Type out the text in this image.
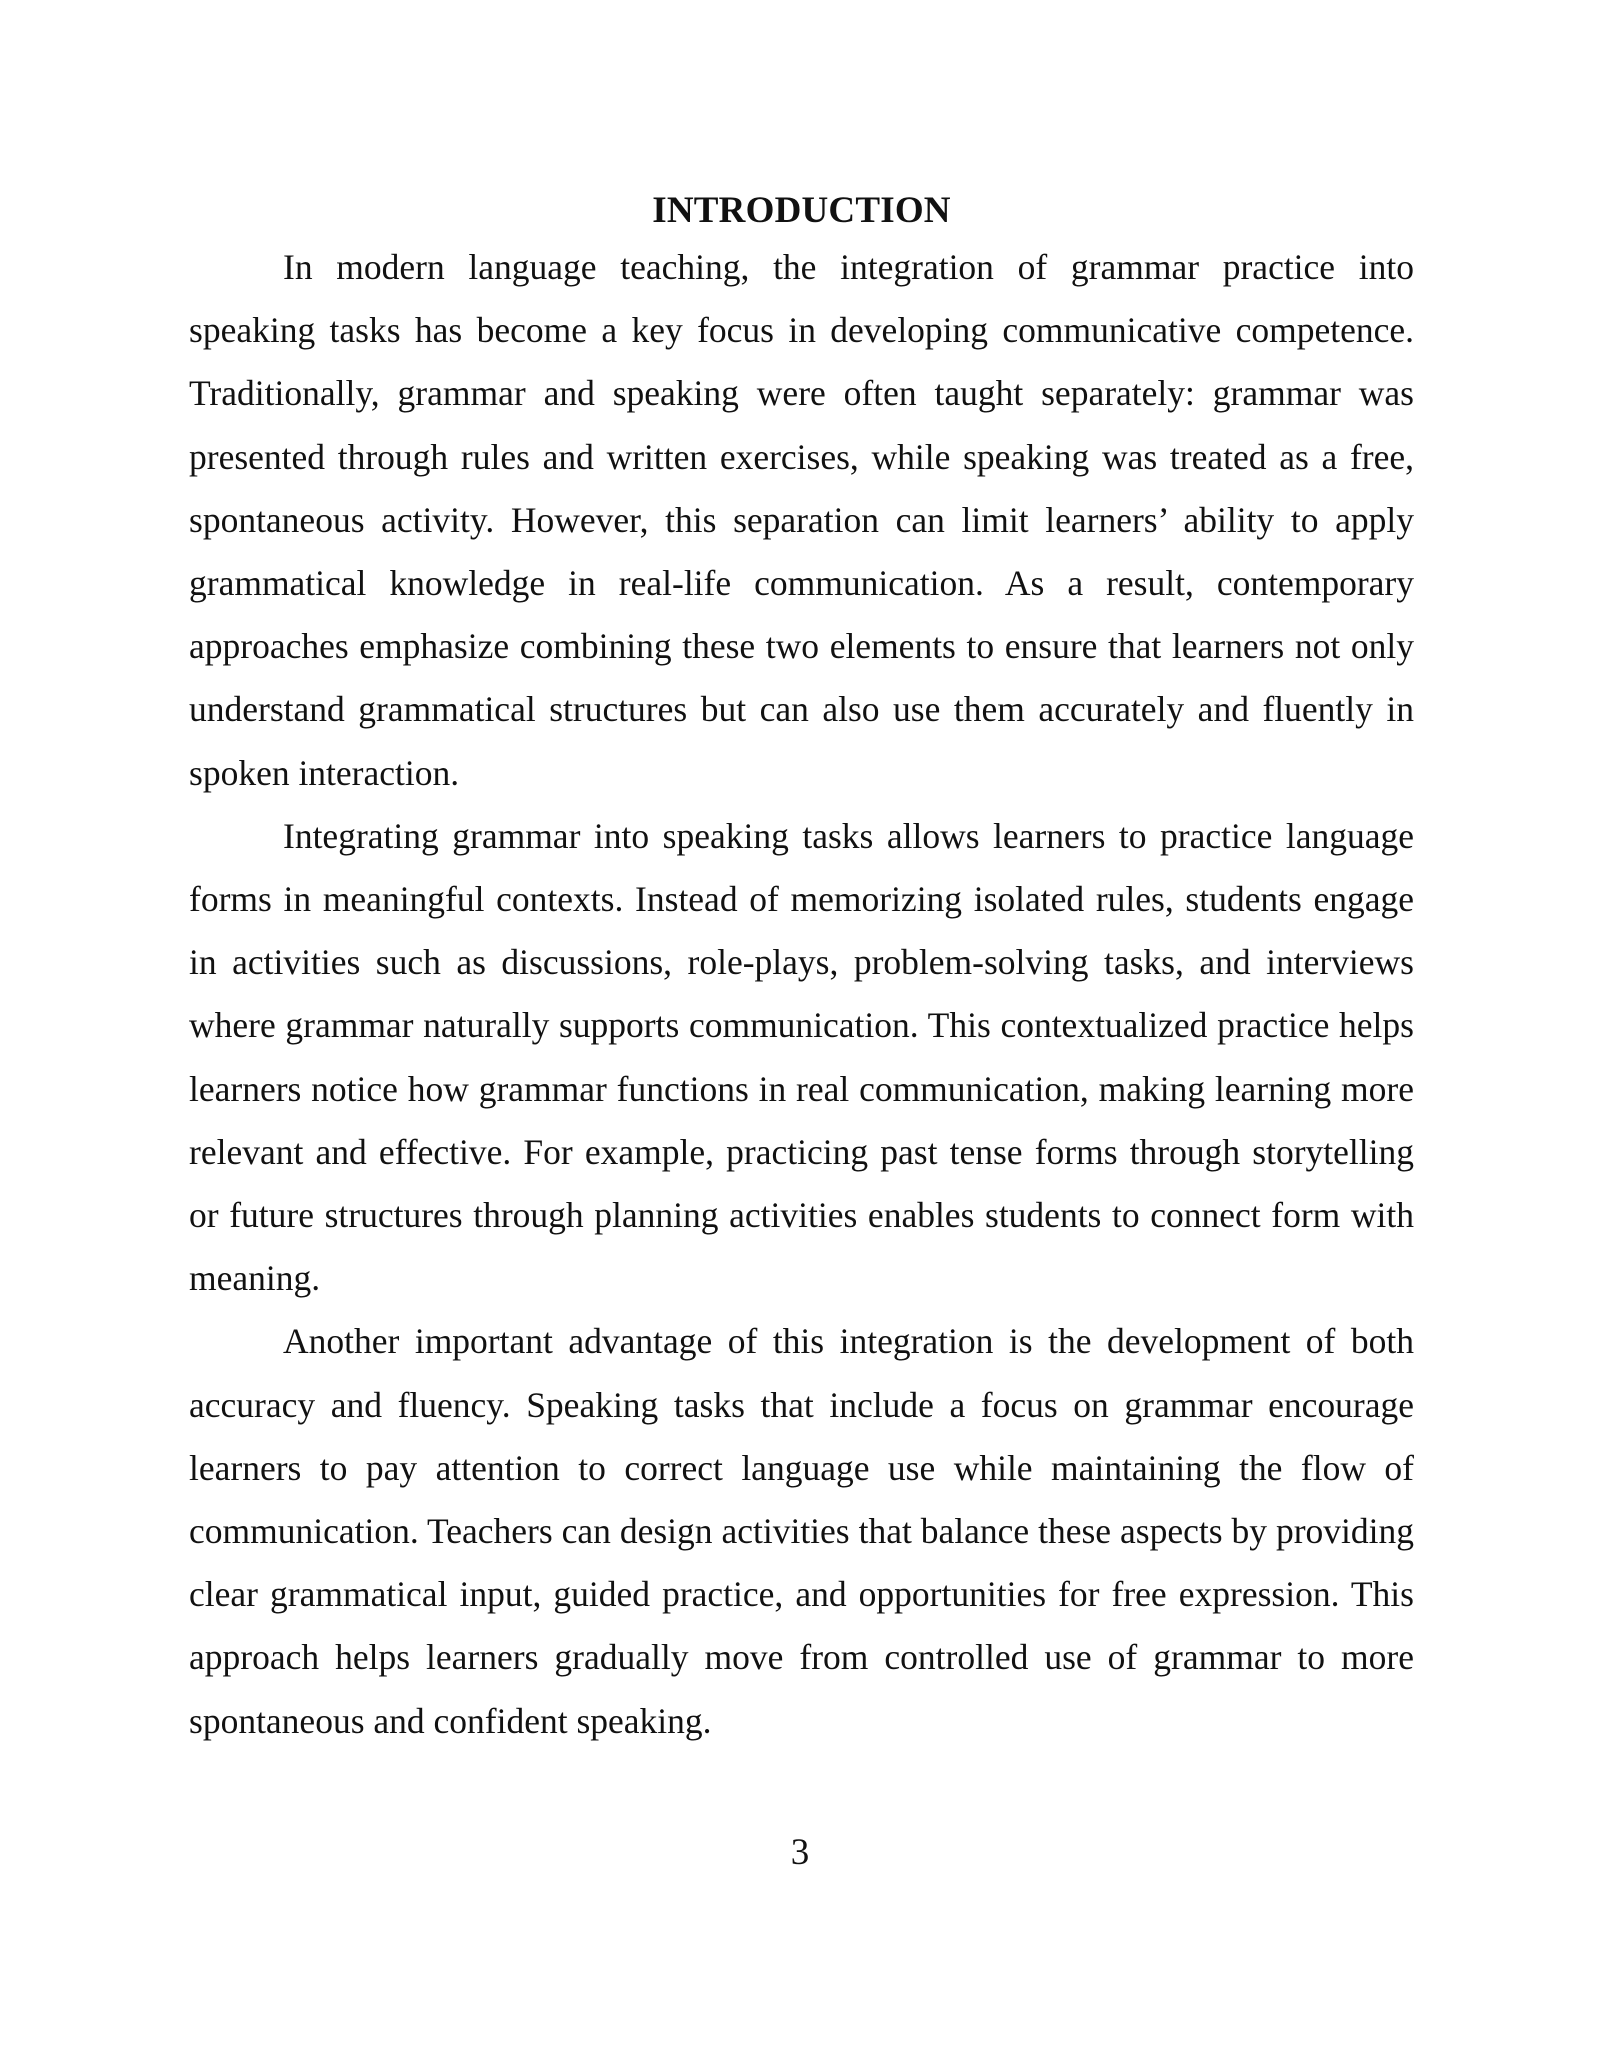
INTRODUCTION

In modern language teaching, the integration of grammar practice into speaking tasks has become a key focus in developing communicative competence. Traditionally, grammar and speaking were often taught separately: grammar was presented through rules and written exercises, while speaking was treated as a free, spontaneous activity. However, this separation can limit learners’ ability to apply grammatical knowledge in real-life communication. As a result, contemporary approaches emphasize combining these two elements to ensure that learners not only understand grammatical structures but can also use them accurately and fluently in spoken interaction.

Integrating grammar into speaking tasks allows learners to practice language forms in meaningful contexts. Instead of memorizing isolated rules, students engage in activities such as discussions, role-plays, problem-solving tasks, and interviews where grammar naturally supports communication. This contextualized practice helps learners notice how grammar functions in real communication, making learning more relevant and effective. For example, practicing past tense forms through storytelling or future structures through planning activities enables students to connect form with meaning.

Another important advantage of this integration is the development of both accuracy and fluency. Speaking tasks that include a focus on grammar encourage learners to pay attention to correct language use while maintaining the flow of communication. Teachers can design activities that balance these aspects by providing clear grammatical input, guided practice, and opportunities for free expression. This approach helps learners gradually move from controlled use of grammar to more spontaneous and confident speaking.

3
